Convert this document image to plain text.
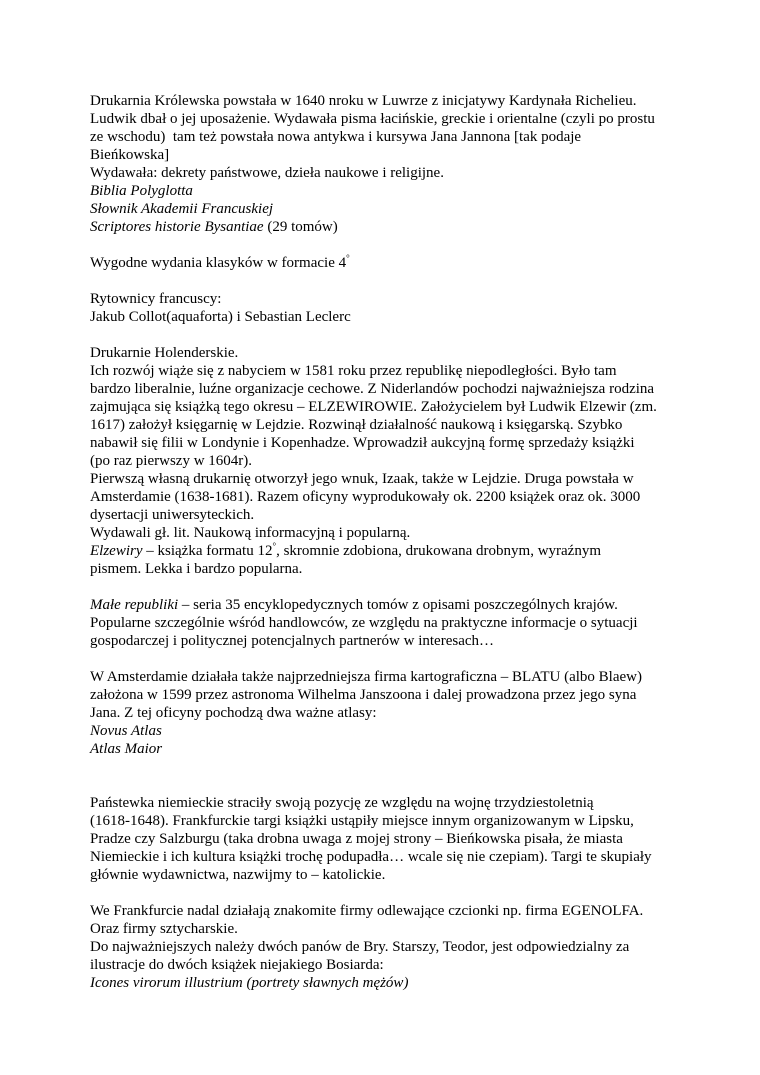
Drukarnia Królewska powstała w 1640 nroku w Luwrze z inicjatywy Kardynała Richelieu.
Ludwik dbał o jej uposażenie. Wydawała pisma łacińskie, greckie i orientalne (czyli po prostu
ze wschodu)  tam też powstała nowa antykwa i kursywa Jana Jannona [tak podaje
Bieńkowska]
Wydawała: dekrety państwowe, dzieła naukowe i religijne.
Biblia Polyglotta
Słownik Akademii Francuskiej
Scriptores historie Bysantiae (29 tomów)
Wygodne wydania klasyków w formacie 4°
Rytownicy francuscy:
Jakub Collot(aquaforta) i Sebastian Leclerc
Drukarnie Holenderskie.
Ich rozwój wiąże się z nabyciem w 1581 roku przez republikę niepodległości. Było tam
bardzo liberalnie, luźne organizacje cechowe. Z Niderlandów pochodzi najważniejsza rodzina
zajmująca się książką tego okresu – ELZEWIROWIE. Założycielem był Ludwik Elzewir (zm.
1617) założył księgarnię w Lejdzie. Rozwinął działalność naukową i księgarską. Szybko
nabawił się filii w Londynie i Kopenhadze. Wprowadził aukcyjną formę sprzedaży książki
(po raz pierwszy w 1604r).
Pierwszą własną drukarnię otworzył jego wnuk, Izaak, także w Lejdzie. Druga powstała w
Amsterdamie (1638-1681). Razem oficyny wyprodukowały ok. 2200 książek oraz ok. 3000
dysertacji uniwersyteckich.
Wydawali gł. lit. Naukową informacyjną i popularną.
Elzewiry – książka formatu 12°, skromnie zdobiona, drukowana drobnym, wyraźnym
pismem. Lekka i bardzo popularna.
Małe republiki – seria 35 encyklopedycznych tomów z opisami poszczególnych krajów.
Popularne szczególnie wśród handlowców, ze względu na praktyczne informacje o sytuacji
gospodarczej i politycznej potencjalnych partnerów w interesach…
W Amsterdamie działała także najprzedniejsza firma kartograficzna – BLATU (albo Blaew)
założona w 1599 przez astronoma Wilhelma Janszoona i dalej prowadzona przez jego syna
Jana. Z tej oficyny pochodzą dwa ważne atlasy:
Novus Atlas
Atlas Maior
Państewka niemieckie straciły swoją pozycję ze względu na wojnę trzydziestoletnią
(1618-1648). Frankfurckie targi książki ustąpiły miejsce innym organizowanym w Lipsku,
Pradze czy Salzburgu (taka drobna uwaga z mojej strony – Bieńkowska pisała, że miasta
Niemieckie i ich kultura książki trochę podupadła… wcale się nie czepiam). Targi te skupiały
głównie wydawnictwa, nazwijmy to – katolickie.
We Frankfurcie nadal działają znakomite firmy odlewające czcionki np. firma EGENOLFA.
Oraz firmy sztycharskie.
Do najważniejszych należy dwóch panów de Bry. Starszy, Teodor, jest odpowiedzialny za
ilustracje do dwóch książek niejakiego Bosiarda:
Icones virorum illustrium (portrety sławnych mężów)
